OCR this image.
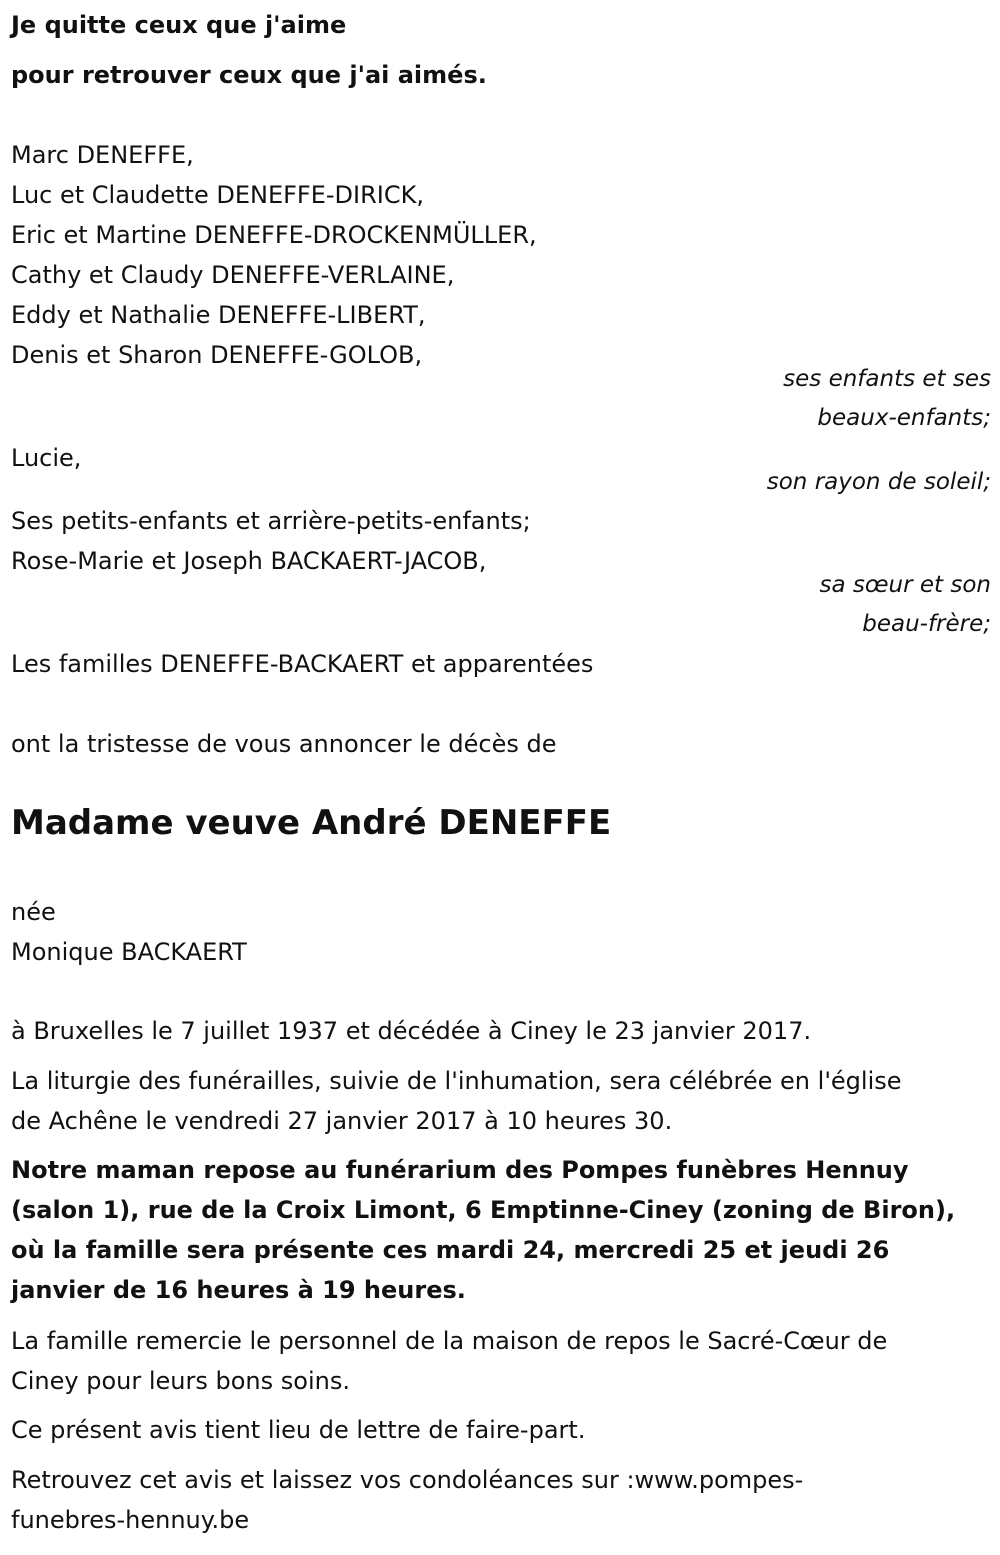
Je quitte ceux que j'aime
pour retrouver ceux que j'ai aimés.
Marc DENEFFE,
Luc et Claudette DENEFFE-DIRICK,
Eric et Martine DENEFFE-DROCKENMÜLLER,
Cathy et Claudy DENEFFE-VERLAINE,
Eddy et Nathalie DENEFFE-LIBERT,
Denis et Sharon DENEFFE-GOLOB,
ses enfants et ses
beaux-enfants;
Lucie,
son rayon de soleil;
Ses petits-enfants et arrière-petits-enfants;
Rose-Marie et Joseph BACKAERT-JACOB,
sa sœur et son
beau-frère;
Les familles DENEFFE-BACKAERT et apparentées
ont la tristesse de vous annoncer le décès de
Madame veuve André DENEFFE
née
Monique BACKAERT
à Bruxelles le 7 juillet 1937 et décédée à Ciney le 23 janvier 2017.
La liturgie des funérailles, suivie de l'inhumation, sera célébrée en l'église
de Achêne le vendredi 27 janvier 2017 à 10 heures 30.
Notre maman repose au funérarium des Pompes funèbres Hennuy
(salon 1), rue de la Croix Limont, 6 Emptinne-Ciney (zoning de Biron),
où la famille sera présente ces mardi 24, mercredi 25 et jeudi 26
janvier de 16 heures à 19 heures.
La famille remercie le personnel de la maison de repos le Sacré-Cœur de
Ciney pour leurs bons soins.
Ce présent avis tient lieu de lettre de faire-part.
Retrouvez cet avis et laissez vos condoléances sur :www.pompes-
funebres-hennuy.be
